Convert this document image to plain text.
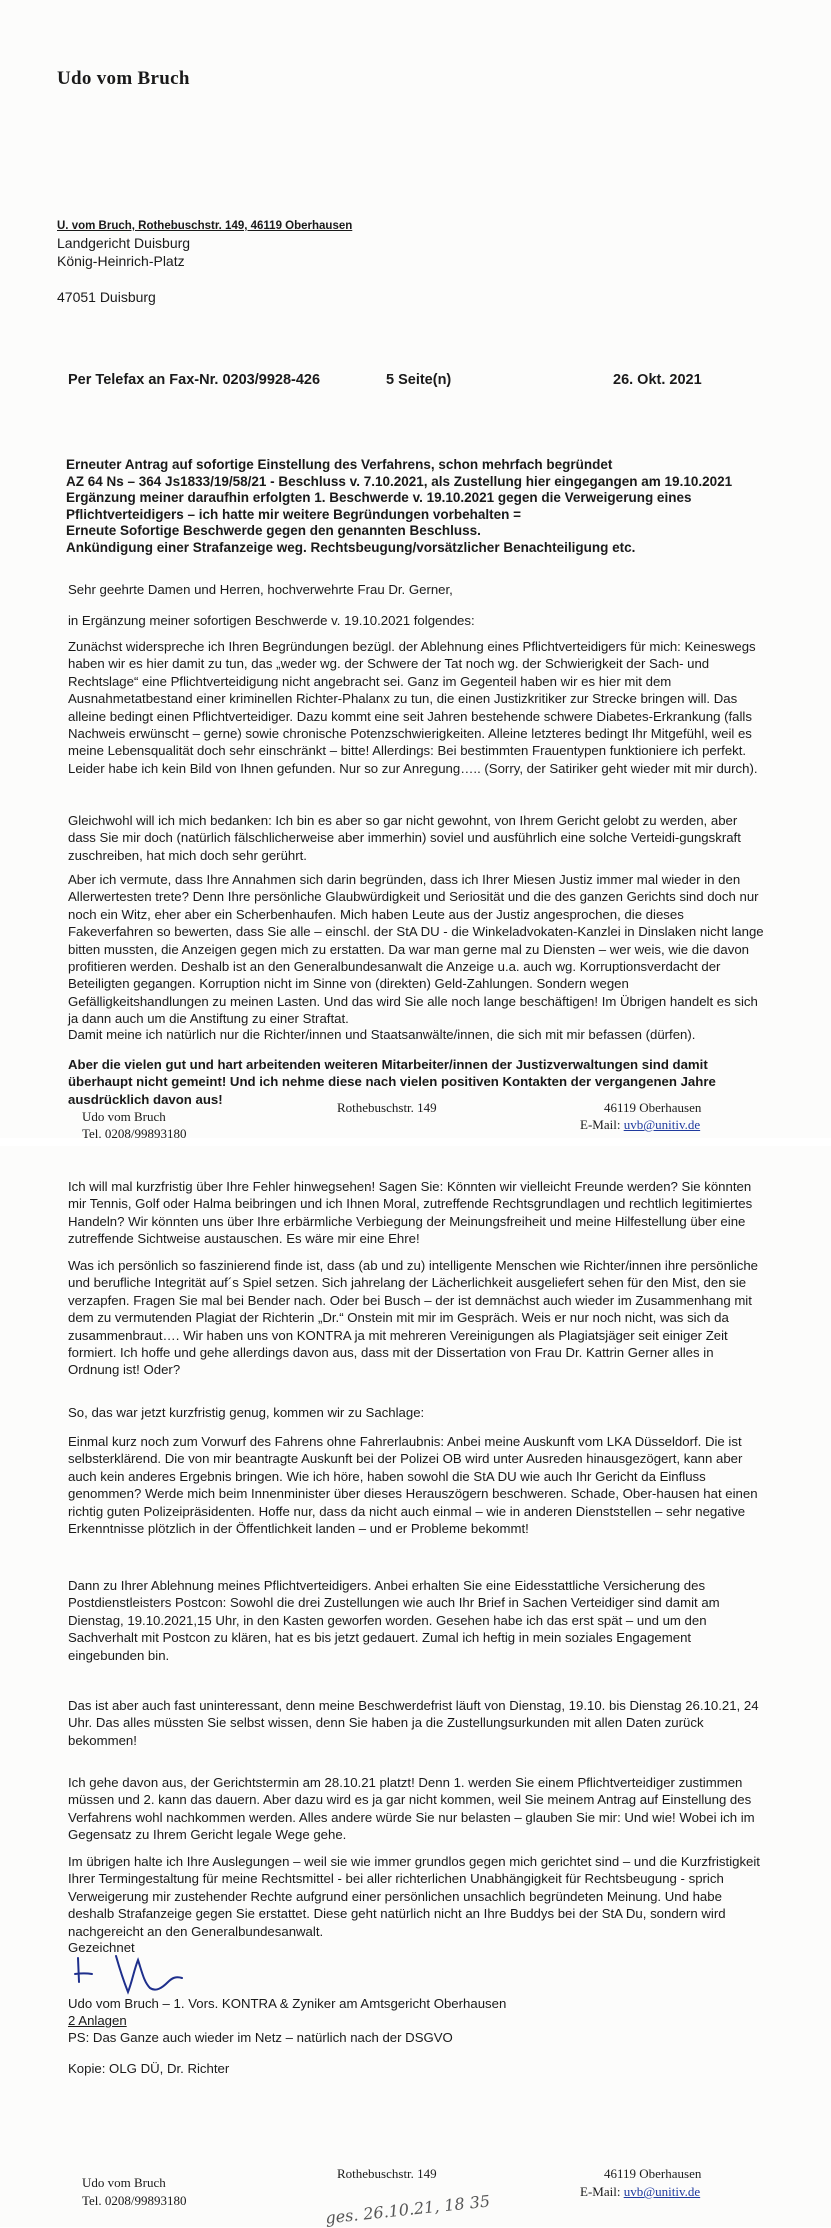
Udo vom Bruch
U. vom Bruch, Rothebuschstr. 149, 46119 Oberhausen
Landgericht Duisburg
König-Heinrich-Platz
47051 Duisburg
Per Telefax an Fax-Nr. 0203/9928-426	5 Seite(n)	26. Okt. 2021
Erneuter Antrag auf sofortige Einstellung des Verfahrens, schon mehrfach begründet
AZ 64 Ns – 364 Js1833/19/58/21 - Beschluss v. 7.10.2021, als Zustellung hier eingegangen am 19.10.2021
Ergänzung meiner daraufhin erfolgten 1. Beschwerde v. 19.10.2021 gegen die Verweigerung eines
Pflichtverteidigers – ich hatte mir weitere Begründungen vorbehalten =
Erneute Sofortige Beschwerde gegen den genannten Beschluss.
Ankündigung einer Strafanzeige weg. Rechtsbeugung/vorsätzlicher Benachteiligung etc.

Sehr geehrte Damen und Herren, hochverwehrte Frau Dr. Gerner,

in Ergänzung meiner sofortigen Beschwerde v. 19.10.2021 folgendes:

Zunächst widerspreche ich Ihren Begründungen bezügl. der Ablehnung eines Pflichtverteidigers für mich: Keineswegs haben wir es hier damit zu tun, das „weder wg. der Schwere der Tat noch wg. der Schwierigkeit der Sach- und Rechtslage“ eine Pflichtverteidigung nicht angebracht sei. Ganz im Gegenteil haben wir es hier mit dem Ausnahmetatbestand einer kriminellen Richter-Phalanx zu tun, die einen Justizkritiker zur Strecke bringen will. Das alleine bedingt einen Pflichtverteidiger. Dazu kommt eine seit Jahren bestehende schwere Diabetes-Erkrankung (falls Nachweis erwünscht – gerne) sowie chronische Potenzschwierigkeiten. Alleine letzteres bedingt Ihr Mitgefühl, weil es meine Lebensqualität doch sehr einschränkt – bitte! Allerdings: Bei bestimmten Frauentypen funktioniere ich perfekt. Leider habe ich kein Bild von Ihnen gefunden. Nur so zur Anregung….. (Sorry, der Satiriker geht wieder mit mir durch).

Gleichwohl will ich mich bedanken: Ich bin es aber so gar nicht gewohnt, von Ihrem Gericht gelobt zu werden, aber dass Sie mir doch (natürlich fälschlicherweise aber immerhin) soviel und ausführlich eine solche Verteidi-gungskraft zuschreiben, hat mich doch sehr gerührt.

Aber ich vermute, dass Ihre Annahmen sich darin begründen, dass ich Ihrer Miesen Justiz immer mal wieder in den Allerwertesten trete? Denn Ihre persönliche Glaubwürdigkeit und Seriosität und die des ganzen Gerichts sind doch nur noch ein Witz, eher aber ein Scherbenhaufen. Mich haben Leute aus der Justiz angesprochen, die dieses Fakeverfahren so bewerten, dass Sie alle – einschl. der StA DU - die Winkeladvokaten-Kanzlei in Dinslaken nicht lange bitten mussten, die Anzeigen gegen mich zu erstatten. Da war man gerne mal zu Diensten – wer weis, wie die davon profitieren werden. Deshalb ist an den Generalbundesanwalt die Anzeige u.a. auch wg. Korruptionsverdacht der Beteiligten gegangen. Korruption nicht im Sinne von (direkten) Geld-Zahlungen. Sondern wegen Gefälligkeitshandlungen zu meinen Lasten. Und das wird Sie alle noch lange beschäftigen! Im Übrigen handelt es sich ja dann auch um die Anstiftung zu einer Straftat.

Damit meine ich natürlich nur die Richter/innen und Staatsanwälte/innen, die sich mit mir befassen (dürfen).

Aber die vielen gut und hart arbeitenden weiteren Mitarbeiter/innen der Justizverwaltungen sind damit überhaupt nicht gemeint! Und ich nehme diese nach vielen positiven Kontakten der vergangenen Jahre ausdrücklich davon aus!

Udo vom Bruch
Tel. 0208/99893180
Rothebuschstr. 149	46119 Oberhausen
E-Mail: uvb@unitiv.de

Ich will mal kurzfristig über Ihre Fehler hinwegsehen! Sagen Sie: Könnten wir vielleicht Freunde werden? Sie könnten mir Tennis, Golf oder Halma beibringen und ich Ihnen Moral, zutreffende Rechtsgrundlagen und rechtlich legitimiertes Handeln? Wir könnten uns über Ihre erbärmliche Verbiegung der Meinungsfreiheit und meine Hilfestellung über eine zutreffende Sichtweise austauschen. Es wäre mir eine Ehre!

Was ich persönlich so faszinierend finde ist, dass (ab und zu) intelligente Menschen wie Richter/innen ihre persönliche und berufliche Integrität auf´s Spiel setzen. Sich jahrelang der Lächerlichkeit ausgeliefert sehen für den Mist, den sie verzapfen. Fragen Sie mal bei Bender nach. Oder bei Busch – der ist demnächst auch wieder im Zusammenhang mit dem zu vermutenden Plagiat der Richterin „Dr.“ Onstein mit mir im Gespräch. Weis er nur noch nicht, was sich da zusammenbraut…. Wir haben uns von KONTRA ja mit mehreren Vereinigungen als Plagiatsjäger seit einiger Zeit formiert. Ich hoffe und gehe allerdings davon aus, dass mit der Dissertation von Frau Dr. Kattrin Gerner alles in Ordnung ist! Oder?

So, das war jetzt kurzfristig genug, kommen wir zu Sachlage:

Einmal kurz noch zum Vorwurf des Fahrens ohne Fahrerlaubnis: Anbei meine Auskunft vom LKA Düsseldorf. Die ist selbsterklärend. Die von mir beantragte Auskunft bei der Polizei OB wird unter Ausreden hinausgezögert, kann aber auch kein anderes Ergebnis bringen. Wie ich höre, haben sowohl die StA DU wie auch Ihr Gericht da Einfluss genommen? Werde mich beim Innenminister über dieses Herauszögern beschweren. Schade, Ober-hausen hat einen richtig guten Polizeipräsidenten. Hoffe nur, dass da nicht auch einmal – wie in anderen Dienststellen – sehr negative Erkenntnisse plötzlich in der Öffentlichkeit landen – und er Probleme bekommt!

Dann zu Ihrer Ablehnung meines Pflichtverteidigers. Anbei erhalten Sie eine Eidesstattliche Versicherung des Postdienstleisters Postcon: Sowohl die drei Zustellungen wie auch Ihr Brief in Sachen Verteidiger sind damit am Dienstag, 19.10.2021,15 Uhr, in den Kasten geworfen worden. Gesehen habe ich das erst spät – und um den Sachverhalt mit Postcon zu klären, hat es bis jetzt gedauert. Zumal ich heftig in mein soziales Engagement eingebunden bin.

Das ist aber auch fast uninteressant, denn meine Beschwerdefrist läuft von Dienstag, 19.10. bis Dienstag 26.10.21, 24 Uhr. Das alles müssten Sie selbst wissen, denn Sie haben ja die Zustellungsurkunden mit allen Daten zurück bekommen!

Ich gehe davon aus, der Gerichtstermin am 28.10.21 platzt! Denn 1. werden Sie einem Pflichtverteidiger zustimmen müssen und 2. kann das dauern. Aber dazu wird es ja gar nicht kommen, weil Sie meinem Antrag auf Einstellung des Verfahrens wohl nachkommen werden. Alles andere würde Sie nur belasten – glauben Sie mir: Und wie! Wobei ich im Gegensatz zu Ihrem Gericht legale Wege gehe.

Im übrigen halte ich Ihre Auslegungen – weil sie wie immer grundlos gegen mich gerichtet sind – und die Kurzfristigkeit Ihrer Termingestaltung für meine Rechtsmittel - bei aller richterlichen Unabhängigkeit für Rechtsbeugung - sprich Verweigerung mir zustehender Rechte aufgrund einer persönlichen unsachlich begründeten Meinung. Und habe deshalb Strafanzeige gegen Sie erstattet. Diese geht natürlich nicht an Ihre Buddys bei der StA Du, sondern wird nachgereicht an den Generalbundesanwalt.

Gezeichnet
Udo vom Bruch – 1. Vors. KONTRA & Zyniker am Amtsgericht Oberhausen
2 Anlagen
PS: Das Ganze auch wieder im Netz – natürlich nach der DSGVO
Kopie: OLG DÜ, Dr. Richter
Udo vom Bruch
Tel. 0208/99893180
Rothebuschstr. 149	46119 Oberhausen
E-Mail: uvb@unitiv.de
ges. 26.10.21, 18 35
